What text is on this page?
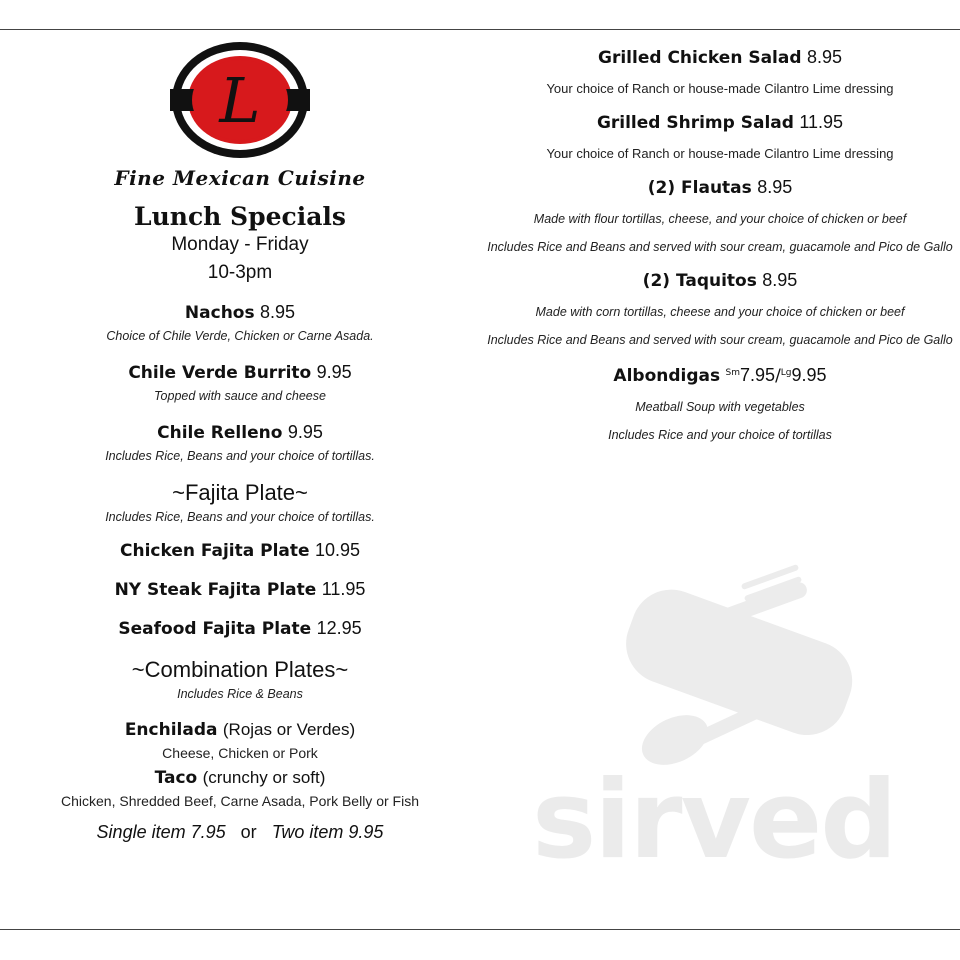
L
Fine Mexican Cuisine
Lunch Specials
Monday - Friday
10-3pm
Nachos 8.95
Choice of Chile Verde, Chicken or Carne Asada.
Chile Verde Burrito 9.95
Topped with sauce and cheese
Chile Relleno 9.95
Includes Rice, Beans and your choice of tortillas.
~Fajita Plate~
Includes Rice, Beans and your choice of tortillas.
Chicken Fajita Plate 10.95
NY Steak Fajita Plate 11.95
Seafood Fajita Plate 12.95
~Combination Plates~
Includes Rice & Beans
Enchilada (Rojas or Verdes)
Cheese, Chicken or Pork
Taco (crunchy or soft)
Chicken, Shredded Beef, Carne Asada, Pork Belly or Fish
Single item 7.95 or Two item 9.95	sirved
Grilled Chicken Salad 8.95
Your choice of Ranch or house-made Cilantro Lime dressing
Grilled Shrimp Salad 11.95
Your choice of Ranch or house-made Cilantro Lime dressing
(2) Flautas 8.95
Made with flour tortillas, cheese, and your choice of chicken or beef
Includes Rice and Beans and served with sour cream, guacamole and Pico de Gallo
(2) Taquitos 8.95
Made with corn tortillas, cheese and your choice of chicken or beef
Includes Rice and Beans and served with sour cream, guacamole and Pico de Gallo
Albondigas $^{Sm}$7.95/$^{Lg}$9.95
Meatball Soup with vegetables
Includes Rice and your choice of tortillas
